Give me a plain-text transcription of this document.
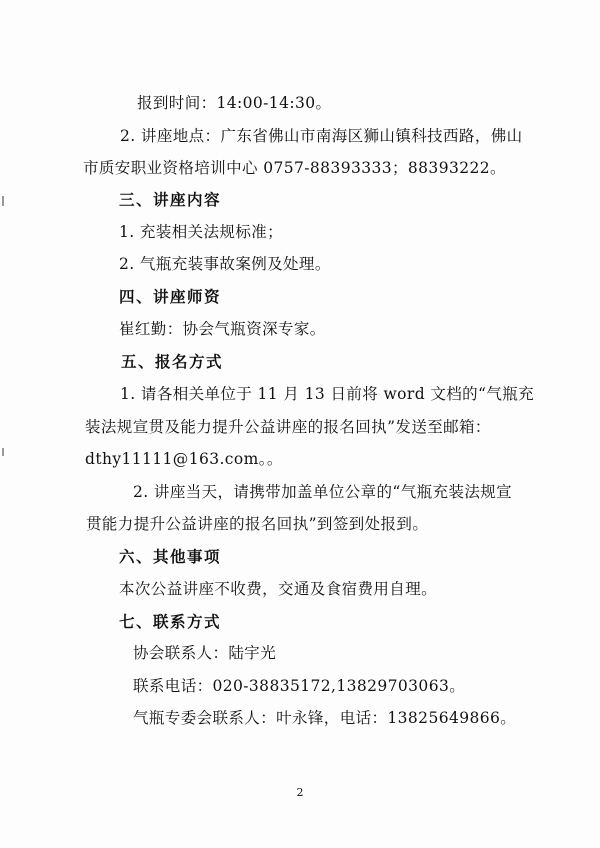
报到时间：14:00-14:30。
2. 讲座地点：广东省佛山市南海区狮山镇科技西路，佛山
市质安职业资格培训中心 0757-88393333；88393222。
三、讲座内容
1. 充装相关法规标准；
2. 气瓶充装事故案例及处理。
四、讲座师资
崔红勤：协会气瓶资深专家。
五、报名方式
1. 请各相关单位于 11 月 13 日前将 word 文档的“气瓶充
装法规宣贯及能力提升公益讲座的报名回执”发送至邮箱：
dthy11111@163.com。。
2. 讲座当天，请携带加盖单位公章的“气瓶充装法规宣
贯能力提升公益讲座的报名回执”到签到处报到。
六、其他事项
本次公益讲座不收费，交通及食宿费用自理。
七、联系方式
协会联系人：陆宇光
联系电话：020-38835172,13829703063。
气瓶专委会联系人：叶永锋，电话：13825649866。
2
